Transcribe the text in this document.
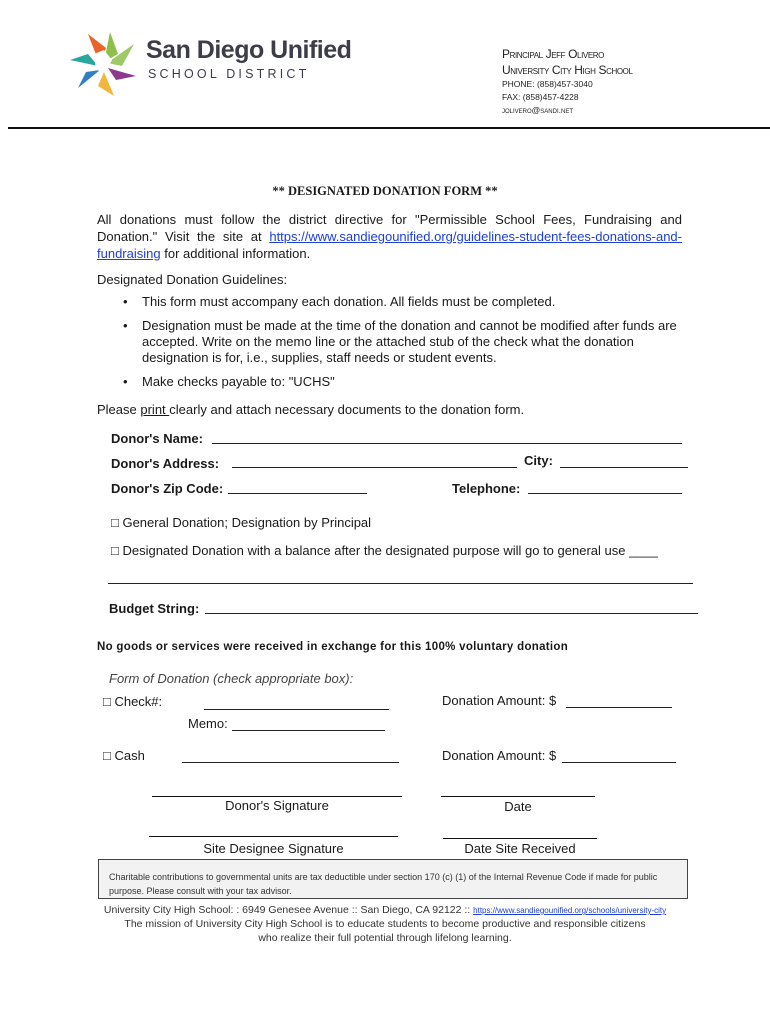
San Diego Unified
SCHOOL DISTRICT
Principal Jeff Olivero
University City High School
PHONE: (858)457-3040
FAX: (858)457-4228
jolivero@sandi.net
** DESIGNATED DONATION FORM **
All donations must follow the district directive for "Permissible School Fees, Fundraising and Donation." Visit the site at https://www.sandiegounified.org/guidelines-student-fees-donations-and-fundraising for additional information.
Designated Donation Guidelines:
• This form must accompany each donation. All fields must be completed.
• Designation must be made at the time of the donation and cannot be modified after funds are accepted. Write on the memo line or the attached stub of the check what the donation designation is for, i.e., supplies, staff needs or student events.
• Make checks payable to: "UCHS"
Please print clearly and attach necessary documents to the donation form.
Donor's Name:
Donor's Address:	City:
Donor's Zip Code:	Telephone:
□ General Donation; Designation by Principal
□ Designated Donation with a balance after the designated purpose will go to general use ____
Budget String:
No goods or services were received in exchange for this 100% voluntary donation
Form of Donation (check appropriate box):
□ Check#:	Donation Amount: $
Memo:
□ Cash	Donation Amount: $
Donor's Signature	Date
Site Designee Signature	Date Site Received
Charitable contributions to governmental units are tax deductible under section 170 (c) (1) of the Internal Revenue Code if made for public purpose. Please consult with your tax advisor.
University City High School: : 6949 Genesee Avenue :: San Diego, CA 92122 :: https://www.sandiegounified.org/schools/university-city
The mission of University City High School is to educate students to become productive and responsible citizens
who realize their full potential through lifelong learning.
